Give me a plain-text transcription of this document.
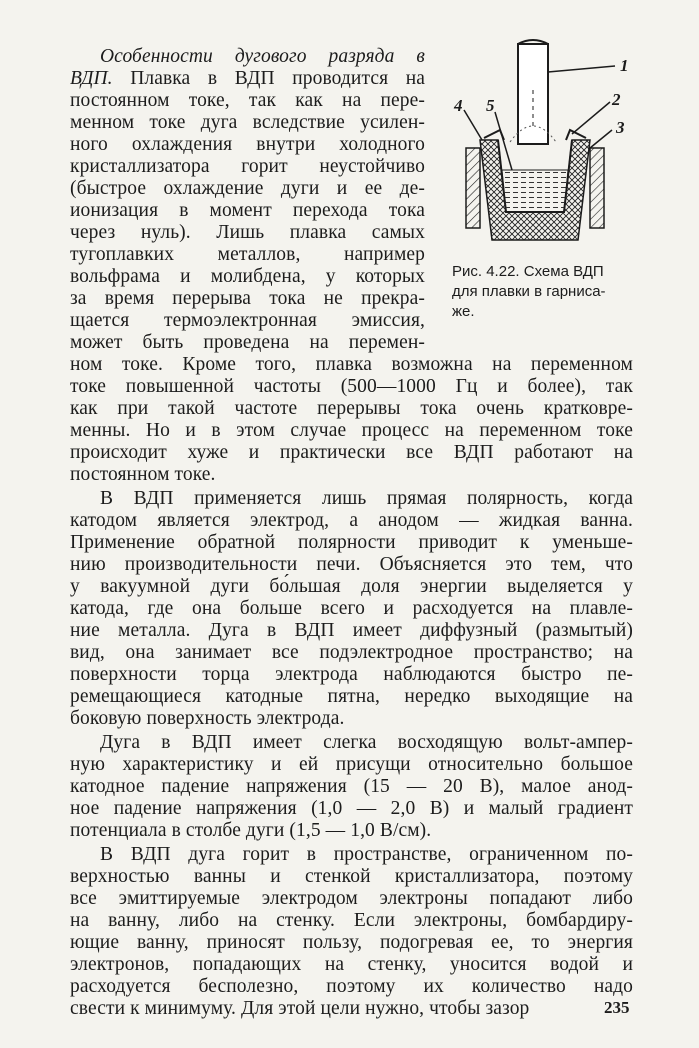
1
2
3
4 5
Рис. 4.22. Схема ВДП
для плавки в гарниса-
же.
Особенности дугового разряда в
ВДП. Плавка в ВДП проводится на
постоянном токе, так как на пере-
менном токе дуга вследствие усилен-
ного охлаждения внутри холодного
кристаллизатора горит неустойчиво
(быстрое охлаждение дуги и ее де-
ионизация в момент перехода тока
через нуль). Лишь плавка самых
тугоплавких металлов, например
вольфрама и молибдена, у которых
за время перерыва тока не прекра-
щается термоэлектронная эмиссия,
может быть проведена на перемен-
ном токе. Кроме того, плавка возможна на переменном
токе повышенной частоты (500—1000 Гц и более), так
как при такой частоте перерывы тока очень кратковре-
менны. Но и в этом случае процесс на переменном токе
происходит хуже и практически все ВДП работают на
постоянном токе.
В ВДП применяется лишь прямая полярность, когда
катодом является электрод, а анодом — жидкая ванна.
Применение обратной полярности приводит к уменьше-
нию производительности печи. Объясняется это тем, что
у вакуумной дуги бо́льшая доля энергии выделяется у
катода, где она больше всего и расходуется на плавле-
ние металла. Дуга в ВДП имеет диффузный (размытый)
вид, она занимает все подэлектродное пространство; на
поверхности торца электрода наблюдаются быстро пе-
ремещающиеся катодные пятна, нередко выходящие на
боковую поверхность электрода.
Дуга в ВДП имеет слегка восходящую вольт-ампер-
ную характеристику и ей присущи относительно большое
катодное падение напряжения (15 — 20 В), малое анод-
ное падение напряжения (1,0 — 2,0 В) и малый градиент
потенциала в столбе дуги (1,5 — 1,0 В/см).
В ВДП дуга горит в пространстве, ограниченном по-
верхностью ванны и стенкой кристаллизатора, поэтому
все эмиттируемые электродом электроны попадают либо
на ванну, либо на стенку. Если электроны, бомбардиру-
ющие ванну, приносят пользу, подогревая ее, то энергия
электронов, попадающих на стенку, уносится водой и
расходуется бесполезно, поэтому их количество надо
свести к минимуму. Для этой цели нужно, чтобы зазор	235
